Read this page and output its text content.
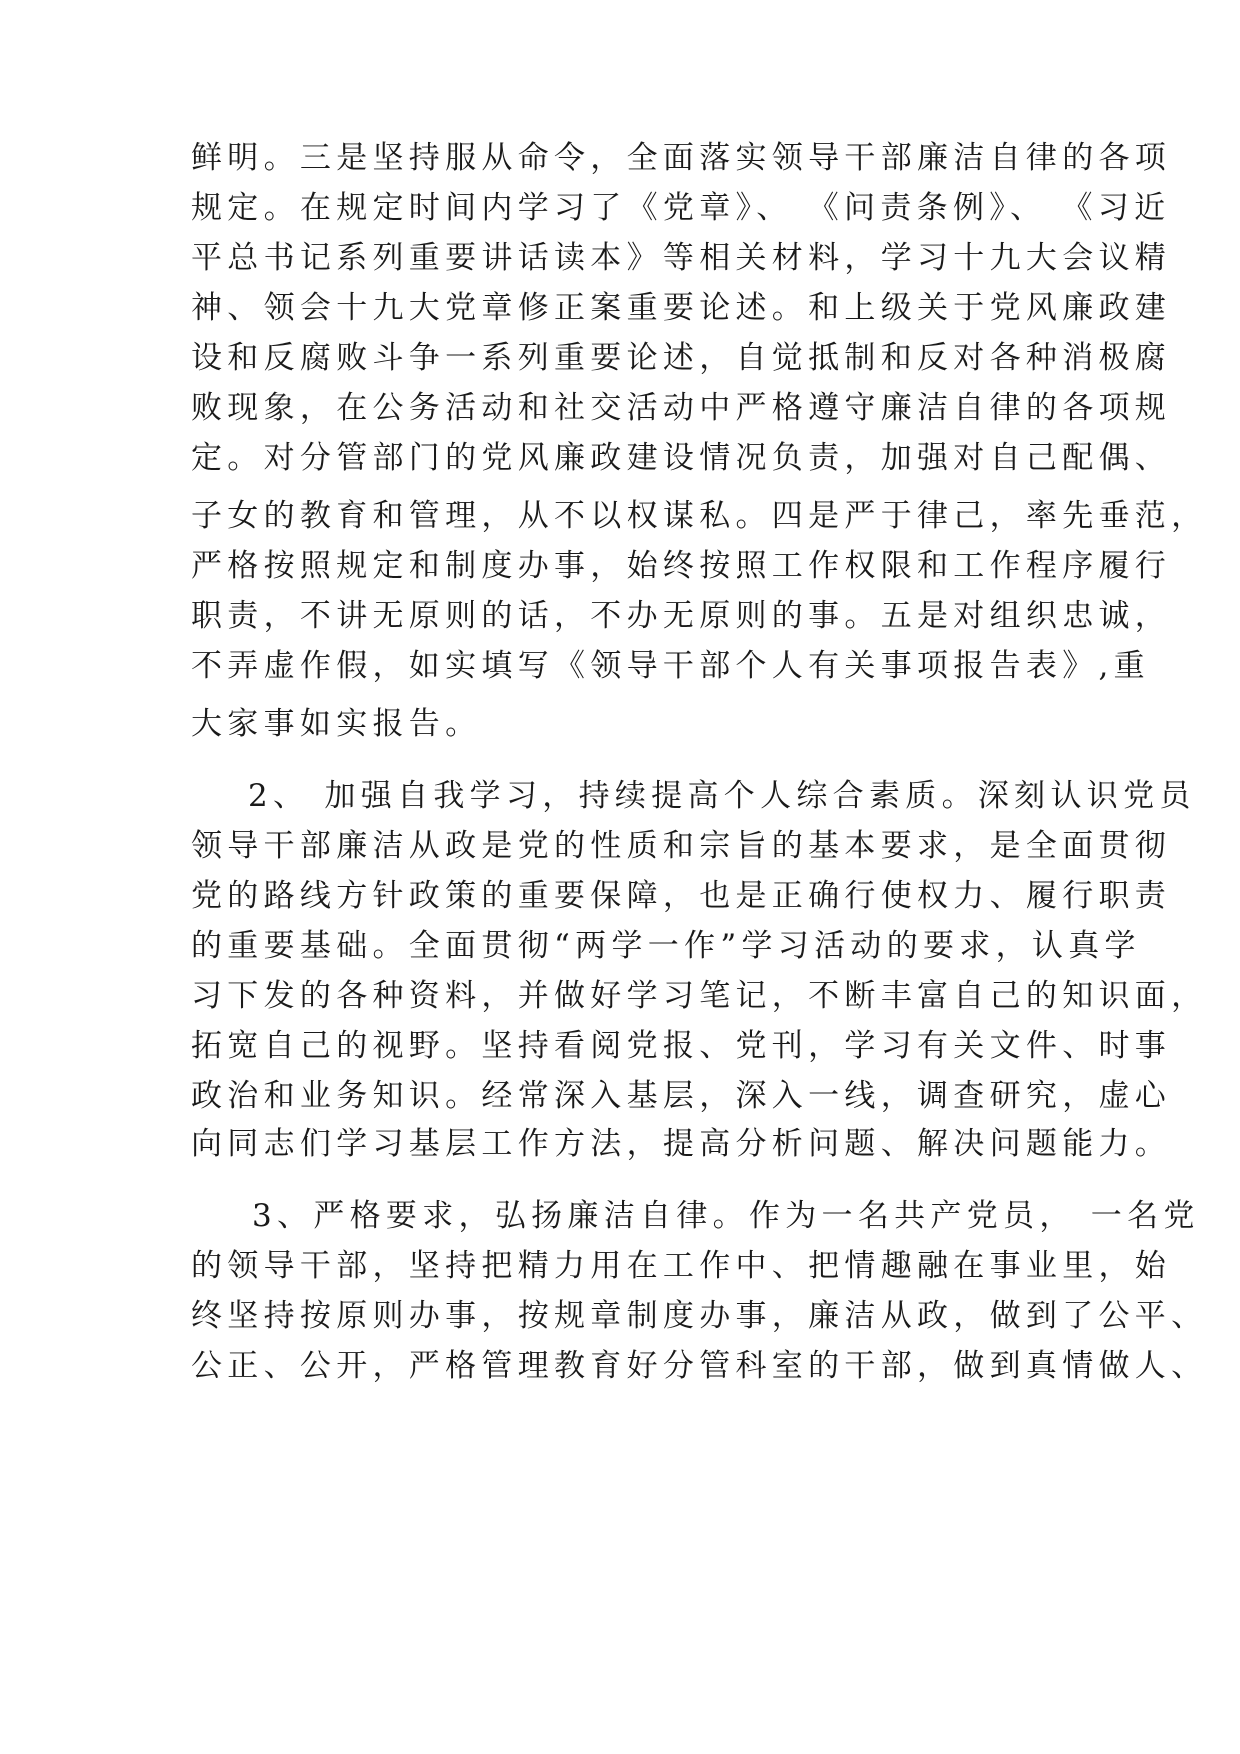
鲜明。三是坚持服从命令，全面落实领导干部廉洁自律的各项
规定。在规定时间内学习了《党章》、 《问责条例》、 《习近
平总书记系列重要讲话读本》等相关材料，学习十九大会议精
神、领会十九大党章修正案重要论述。和上级关于党风廉政建
设和反腐败斗争一系列重要论述，自觉抵制和反对各种消极腐
败现象，在公务活动和社交活动中严格遵守廉洁自律的各项规
定。对分管部门的党风廉政建设情况负责，加强对自己配偶、
子女的教育和管理，从不以权谋私。四是严于律己，率先垂范，
严格按照规定和制度办事，始终按照工作权限和工作程序履行
职责，不讲无原则的话，不办无原则的事。五是对组织忠诚，
不弄虚作假，如实填写《领导干部个人有关事项报告表》,重
大家事如实报告。
2、 加强自我学习，持续提高个人综合素质。深刻认识党员
领导干部廉洁从政是党的性质和宗旨的基本要求，是全面贯彻
党的路线方针政策的重要保障，也是正确行使权力、履行职责
的重要基础。全面贯彻“两学一作”学习活动的要求，认真学
习下发的各种资料，并做好学习笔记，不断丰富自己的知识面，
拓宽自己的视野。坚持看阅党报、党刊，学习有关文件、时事
政治和业务知识。经常深入基层，深入一线，调查研究，虚心
向同志们学习基层工作方法，提高分析问题、解决问题能力。
3、严格要求，弘扬廉洁自律。作为一名共产党员， 一名党
的领导干部，坚持把精力用在工作中、把情趣融在事业里，始
终坚持按原则办事，按规章制度办事，廉洁从政，做到了公平、
公正、公开，严格管理教育好分管科室的干部，做到真情做人、
